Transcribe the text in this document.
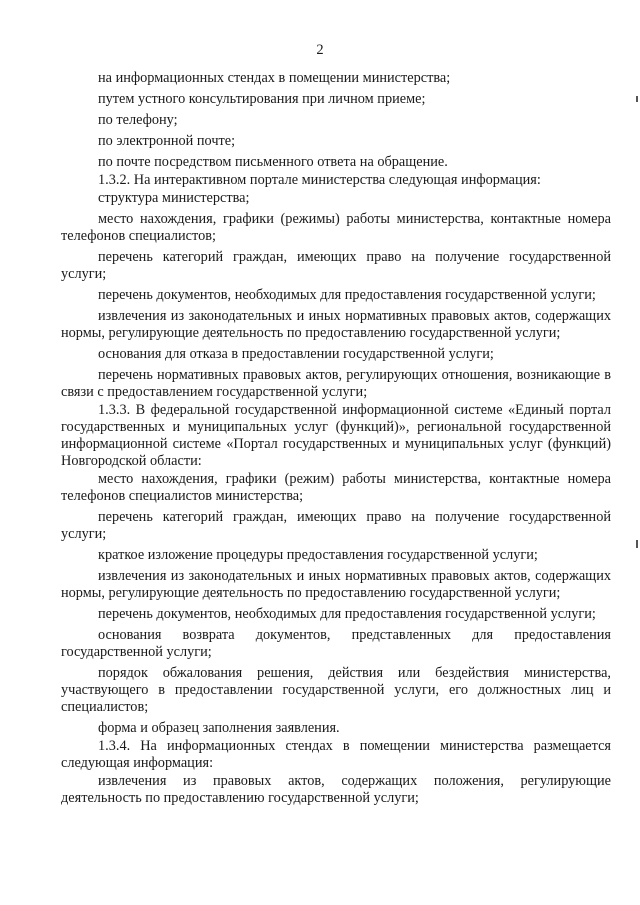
2

на информационных стендах в помещении министерства;

путем устного консультирования при личном приеме;

по телефону;

по электронной почте;

по почте посредством письменного ответа на обращение.

1.3.2. На интерактивном портале министерства следующая информация:

структура министерства;

место нахождения, графики (режимы) работы министерства, контактные номера телефонов специалистов;

перечень категорий граждан, имеющих право на получение государственной услуги;

перечень документов, необходимых для предоставления государственной услуги;

извлечения из законодательных и иных нормативных правовых актов, содержащих нормы, регулирующие деятельность по предоставлению государственной услуги;

основания для отказа в предоставлении государственной услуги;

перечень нормативных правовых актов, регулирующих отношения, возникающие в связи с предоставлением государственной услуги;

1.3.3. В федеральной государственной информационной системе «Единый портал государственных и муниципальных услуг (функций)», региональной государственной информационной системе «Портал государственных и муниципальных услуг (функций) Новгородской области:

место нахождения, графики (режим) работы министерства, контактные номера телефонов специалистов министерства;

перечень категорий граждан, имеющих право на получение государственной услуги;

краткое изложение процедуры предоставления государственной услуги;

извлечения из законодательных и иных нормативных правовых актов, содержащих нормы, регулирующие деятельность по предоставлению государственной услуги;

перечень документов, необходимых для предоставления государственной услуги;

основания возврата документов, представленных для предоставления государственной услуги;

порядок обжалования решения, действия или бездействия министерства, участвующего в предоставлении государственной услуги, его должностных лиц и специалистов;

форма и образец заполнения заявления.

1.3.4. На информационных стендах в помещении министерства размещается следующая информация:

извлечения из правовых актов, содержащих положения, регулирующие деятельность по предоставлению государственной услуги;
